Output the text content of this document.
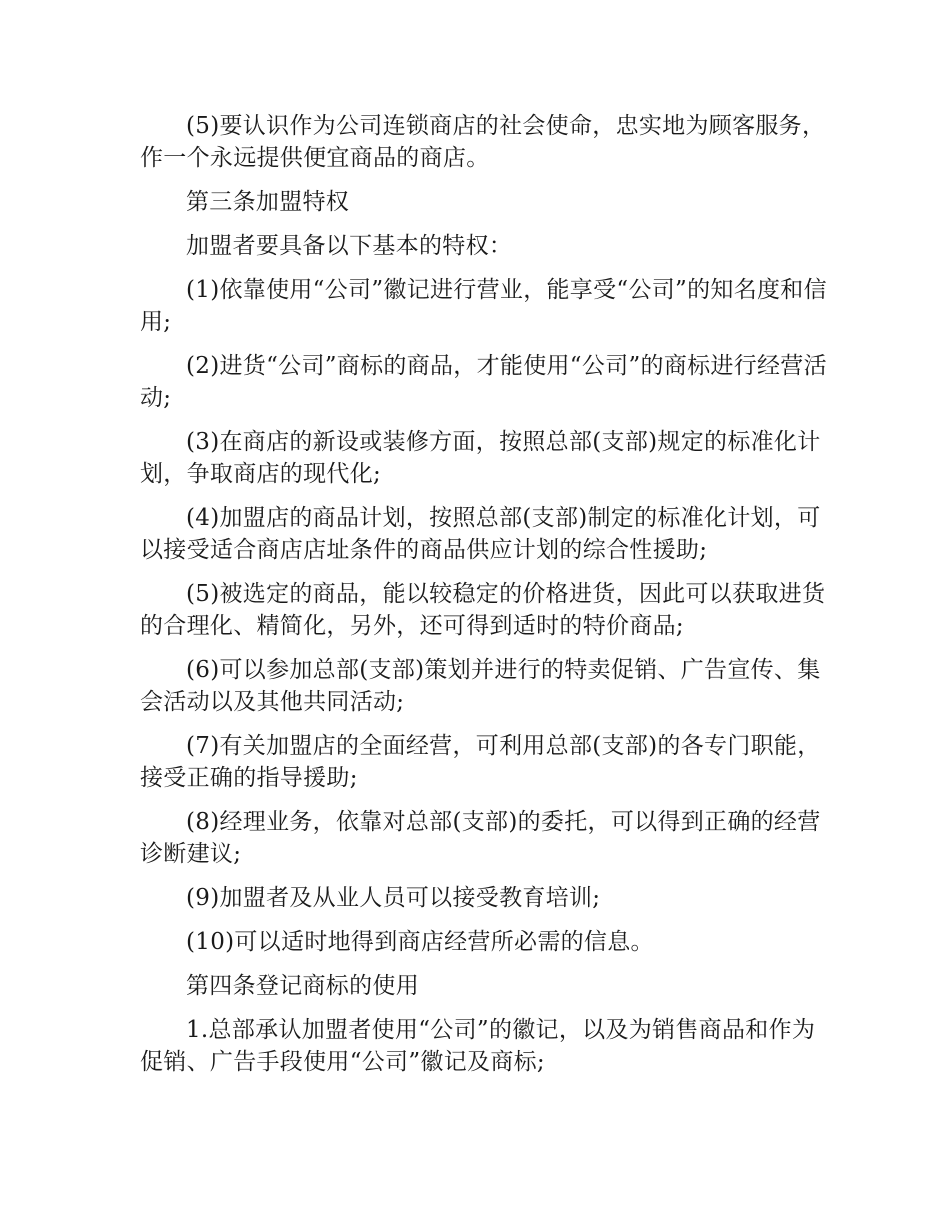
(5)要认识作为公司连锁商店的社会使命，忠实地为顾客服务，作一个永远提供便宜商品的商店。

第三条加盟特权

加盟者要具备以下基本的特权：

(1)依靠使用“公司”徽记进行营业，能享受“公司”的知名度和信用;

(2)进货“公司”商标的商品，才能使用“公司”的商标进行经营活动;

(3)在商店的新设或装修方面，按照总部(支部)规定的标准化计划，争取商店的现代化;

(4)加盟店的商品计划，按照总部(支部)制定的标准化计划，可以接受适合商店店址条件的商品供应计划的综合性援助;

(5)被选定的商品，能以较稳定的价格进货，因此可以获取进货的合理化、精简化，另外，还可得到适时的特价商品;

(6)可以参加总部(支部)策划并进行的特卖促销、广告宣传、集会活动以及其他共同活动;

(7)有关加盟店的全面经营，可利用总部(支部)的各专门职能，接受正确的指导援助;

(8)经理业务，依靠对总部(支部)的委托，可以得到正确的经营诊断建议;

(9)加盟者及从业人员可以接受教育培训;

(10)可以适时地得到商店经营所必需的信息。

第四条登记商标的使用

1.总部承认加盟者使用“公司”的徽记，以及为销售商品和作为促销、广告手段使用“公司”徽记及商标;
